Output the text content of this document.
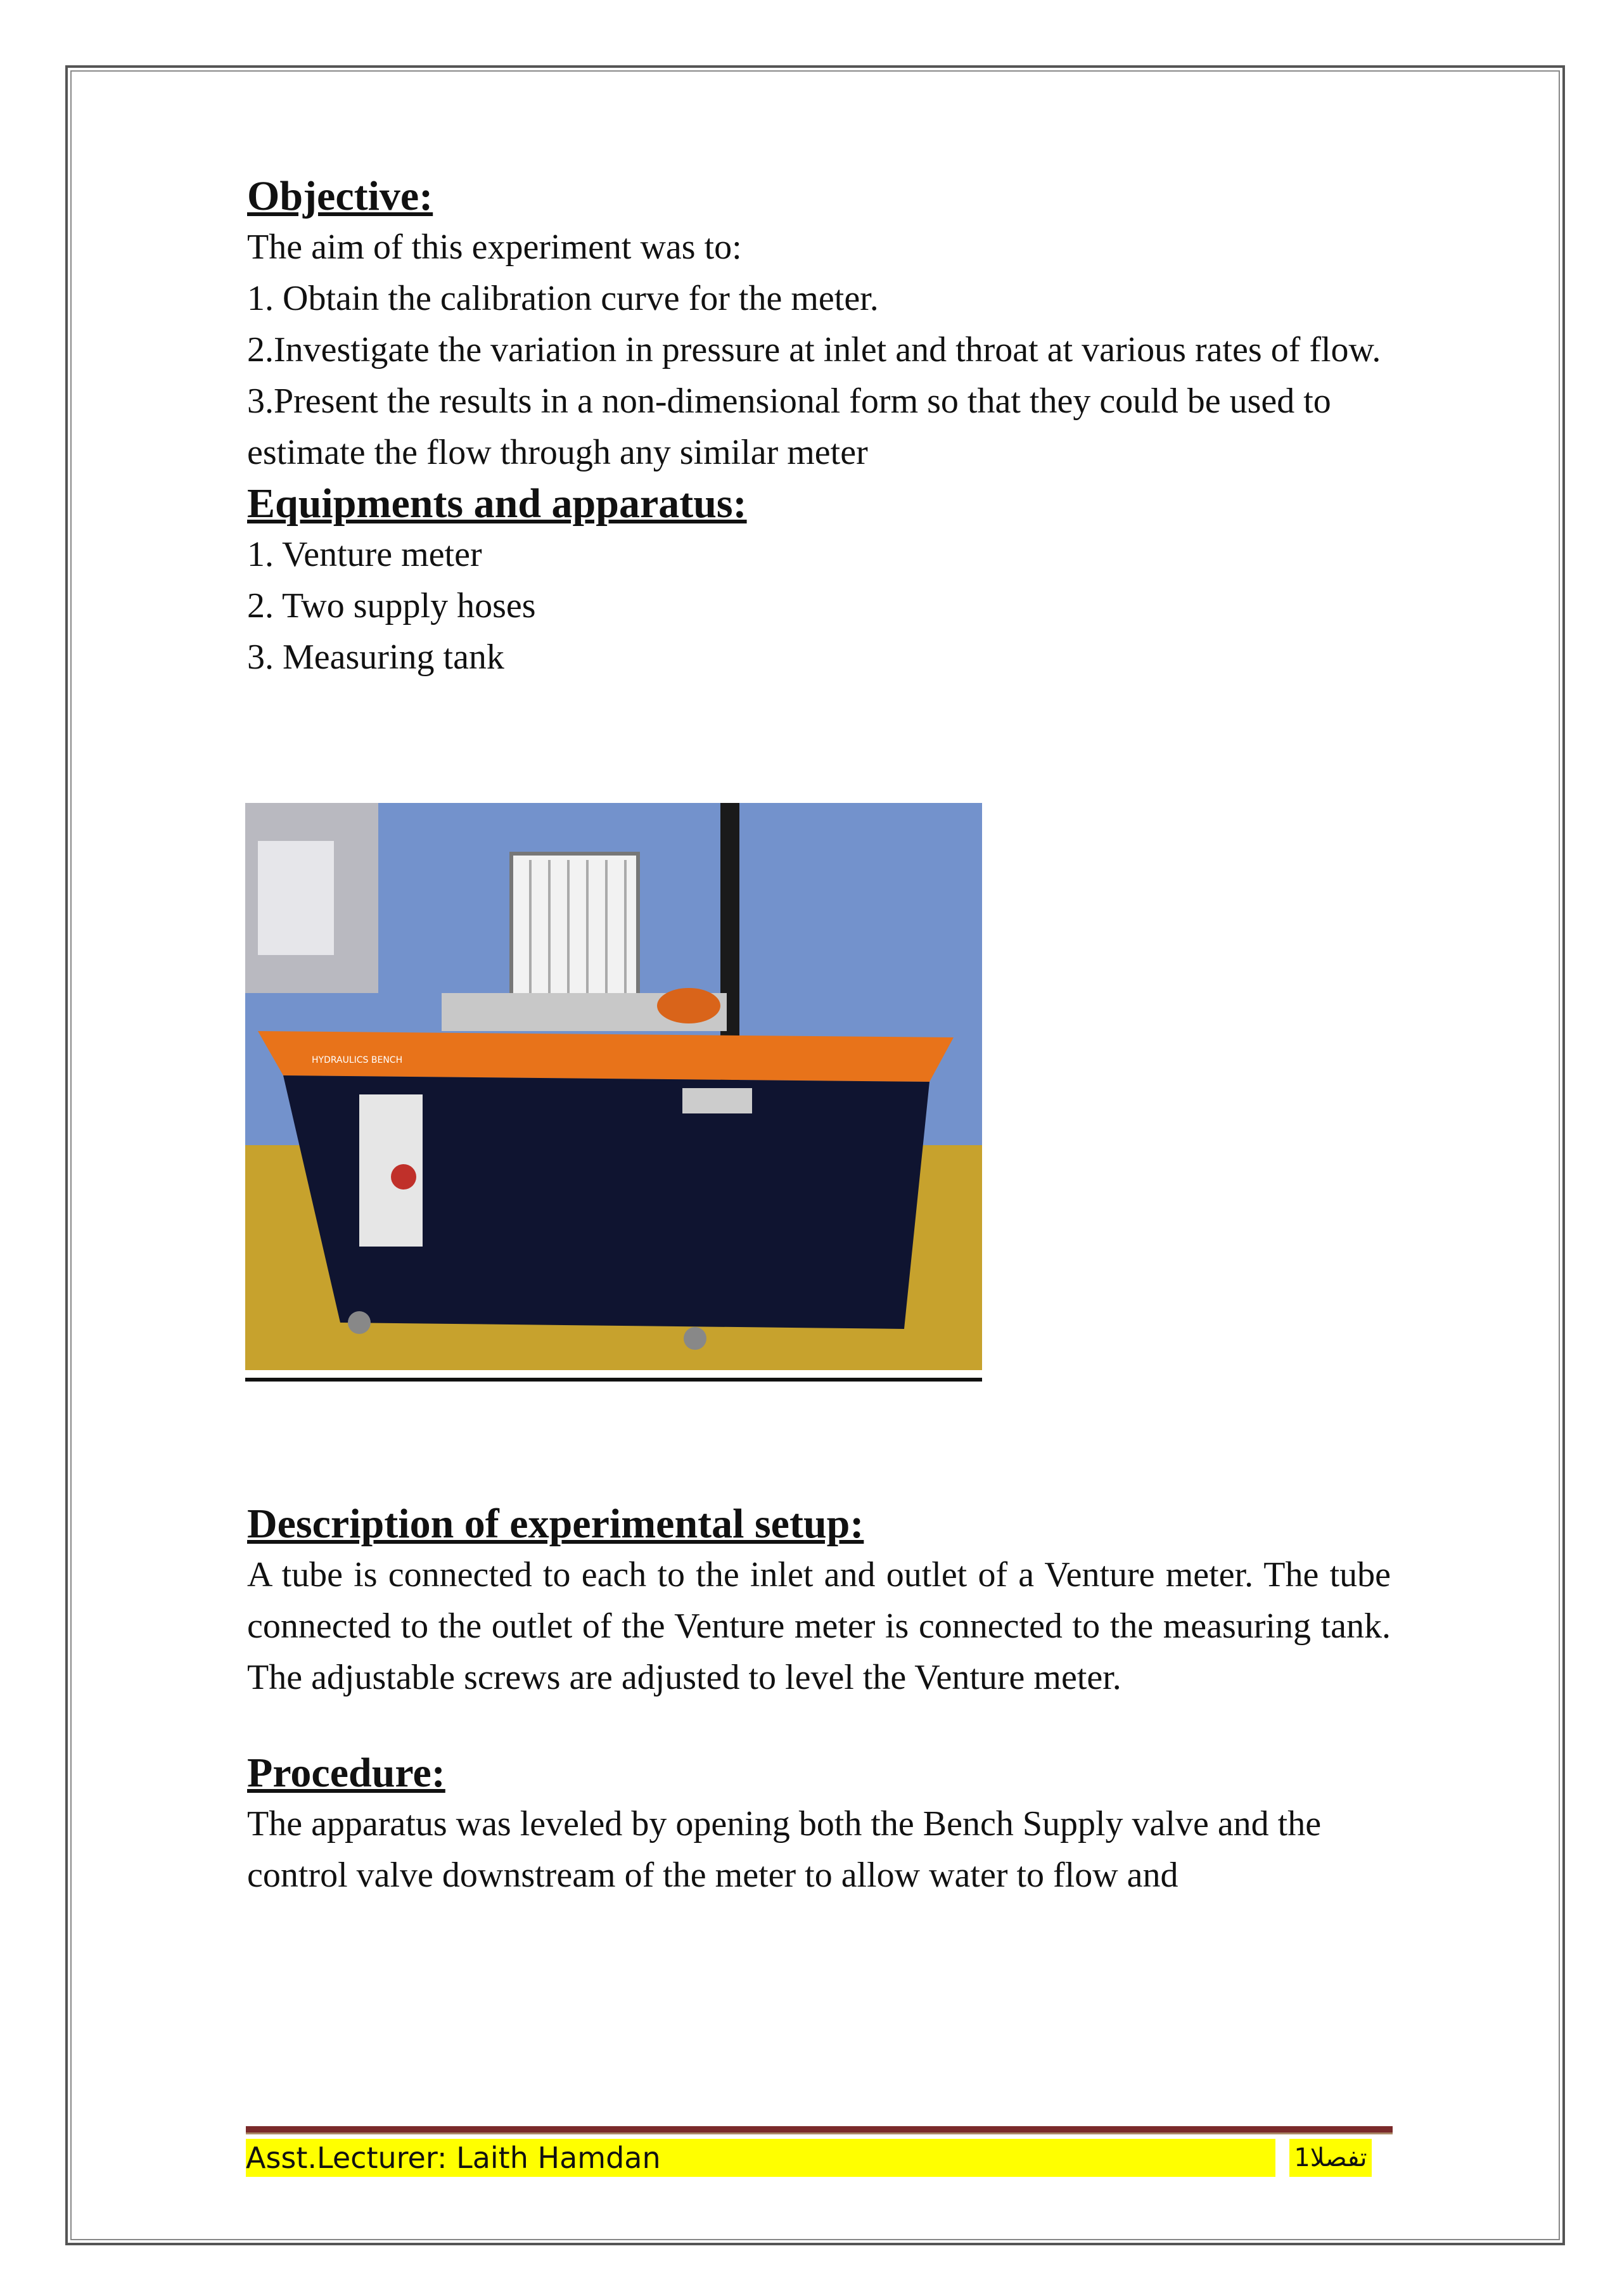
Objective:

The aim of this experiment was to:

1. Obtain the calibration curve for the meter.

2.Investigate the variation in pressure at inlet and throat at various rates of flow.

3.Present the results in a non-dimensional form so that they could be used to estimate the flow through any similar meter

Equipments and apparatus:

1. Venture meter

2. Two supply hoses

3. Measuring tank

HYDRAULICS BENCH
Description of experimental setup:

A tube is connected to each to the inlet and outlet of a Venture meter. The tube connected to the outlet of the Venture meter is connected to the measuring tank. The adjustable screws are adjusted to level the Venture meter.

Procedure:

The apparatus was leveled by opening both the Bench Supply valve and the control valve downstream of the meter to allow water to flow and

Asst.Lecturer: Laith Hamdan	1تفصلا
